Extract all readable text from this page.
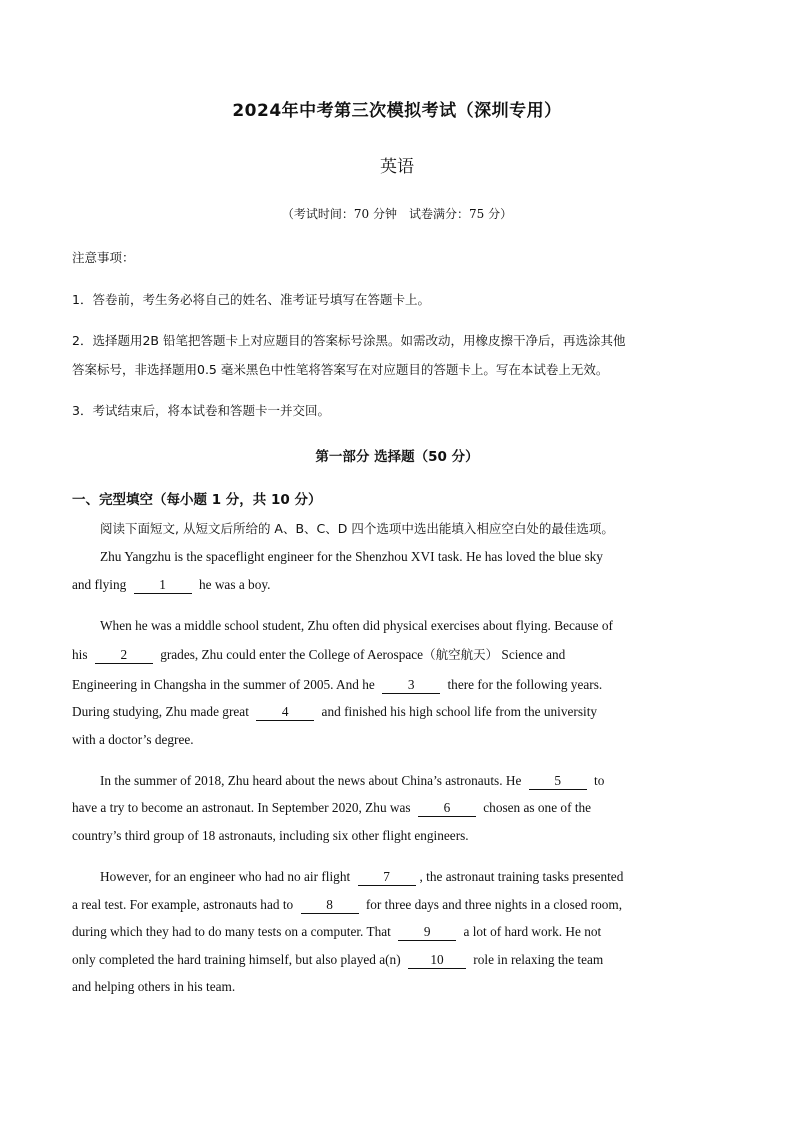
2024年中考第三次模拟考试（深圳专用）
英语
（考试时间：70 分钟　试卷满分：75 分）
注意事项：
1．答卷前，考生务必将自己的姓名、准考证号填写在答题卡上。
2．选择题用2B 铅笔把答题卡上对应题目的答案标号涂黑。如需改动，用橡皮擦干净后，再选涂其他
答案标号，非选择题用0.5 毫米黑色中性笔将答案写在对应题目的答题卡上。写在本试卷上无效。
3．考试结束后，将本试卷和答题卡一并交回。
第一部分 选择题（50 分）
一、完型填空（每小题 1 分，共 10 分）
阅读下面短文, 从短文后所给的 A、B、C、D 四个选项中选出能填入相应空白处的最佳选项。
Zhu Yangzhu is the spaceflight engineer for the Shenzhou XVI task. He has loved the blue sky
and flying 1 he was a boy.
When he was a middle school student, Zhu often did physical exercises about flying. Because of
his 2 grades, Zhu could enter the College of Aerospace（航空航天） Science and
Engineering in Changsha in the summer of 2005. And he 3 there for the following years.
During studying, Zhu made great 4 and finished his high school life from the university
with a doctor’s degree.
In the summer of 2018, Zhu heard about the news about China’s astronauts. He 5 to
have a try to become an astronaut. In September 2020, Zhu was 6 chosen as one of the
country’s third group of 18 astronauts, including six other flight engineers.
However, for an engineer who had no air flight 7 , the astronaut training tasks presented
a real test. For example, astronauts had to 8 for three days and three nights in a closed room,
during which they had to do many tests on a computer. That 9 a lot of hard work. He not
only completed the hard training himself, but also played a(n) 10 role in relaxing the team
and helping others in his team.
